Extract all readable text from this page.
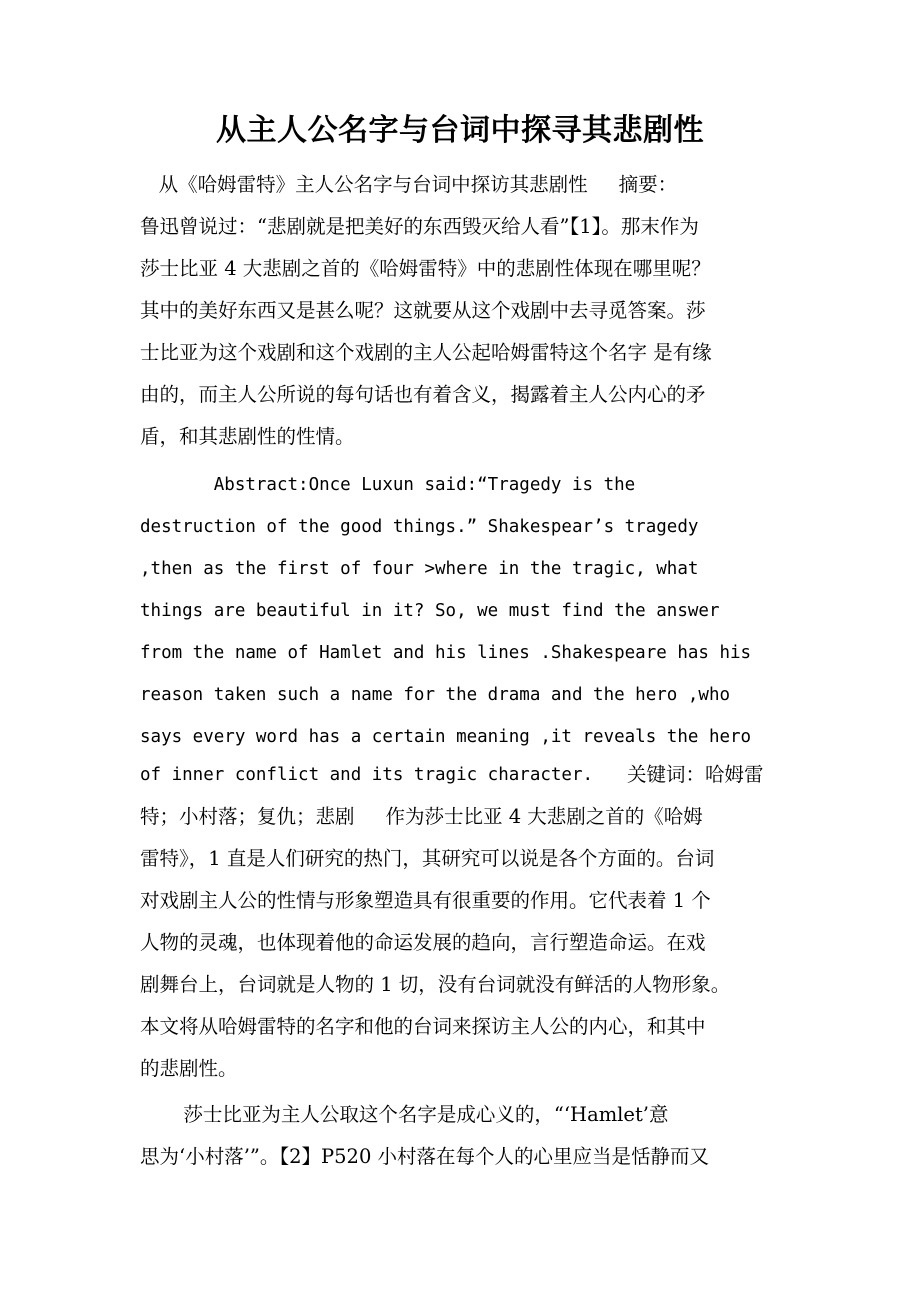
从主人公名字与台词中探寻其悲剧性
从《哈姆雷特》主人公名字与台词中探访其悲剧性     摘要：
鲁迅曾说过：“悲剧就是把美好的东西毁灭给人看”【1】。那末作为
莎士比亚 4 大悲剧之首的《哈姆雷特》中的悲剧性体现在哪里呢？
其中的美好东西又是甚么呢？这就要从这个戏剧中去寻觅答案。莎
士比亚为这个戏剧和这个戏剧的主人公起哈姆雷特这个名字 是有缘
由的，而主人公所说的每句话也有着含义，揭露着主人公内心的矛
盾，和其悲剧性的性情。
Abstract:Once Luxun said:“Tragedy is the
destruction of the good things.” Shakespear’s tragedy
,then as the first of four >where in the tragic, what
things are beautiful in it? So, we must find the answer
from the name of Hamlet and his lines .Shakespeare has his
reason taken such a name for the drama and the hero ,who
says every word has a certain meaning ,it reveals the hero
of inner conflict and its tragic character. 关键词：哈姆雷
特；小村落；复仇；悲剧     作为莎士比亚 4 大悲剧之首的《哈姆
雷特》，1 直是人们研究的热门，其研究可以说是各个方面的。台词
对戏剧主人公的性情与形象塑造具有很重要的作用。它代表着 1 个
人物的灵魂，也体现着他的命运发展的趋向，言行塑造命运。在戏
剧舞台上，台词就是人物的 1 切，没有台词就没有鲜活的人物形象。
本文将从哈姆雷特的名字和他的台词来探访主人公的内心，和其中
的悲剧性。
莎士比亚为主人公取这个名字是成心义的，“‘Hamlet’意
思为‘小村落’”。【2】P520 小村落在每个人的心里应当是恬静而又
